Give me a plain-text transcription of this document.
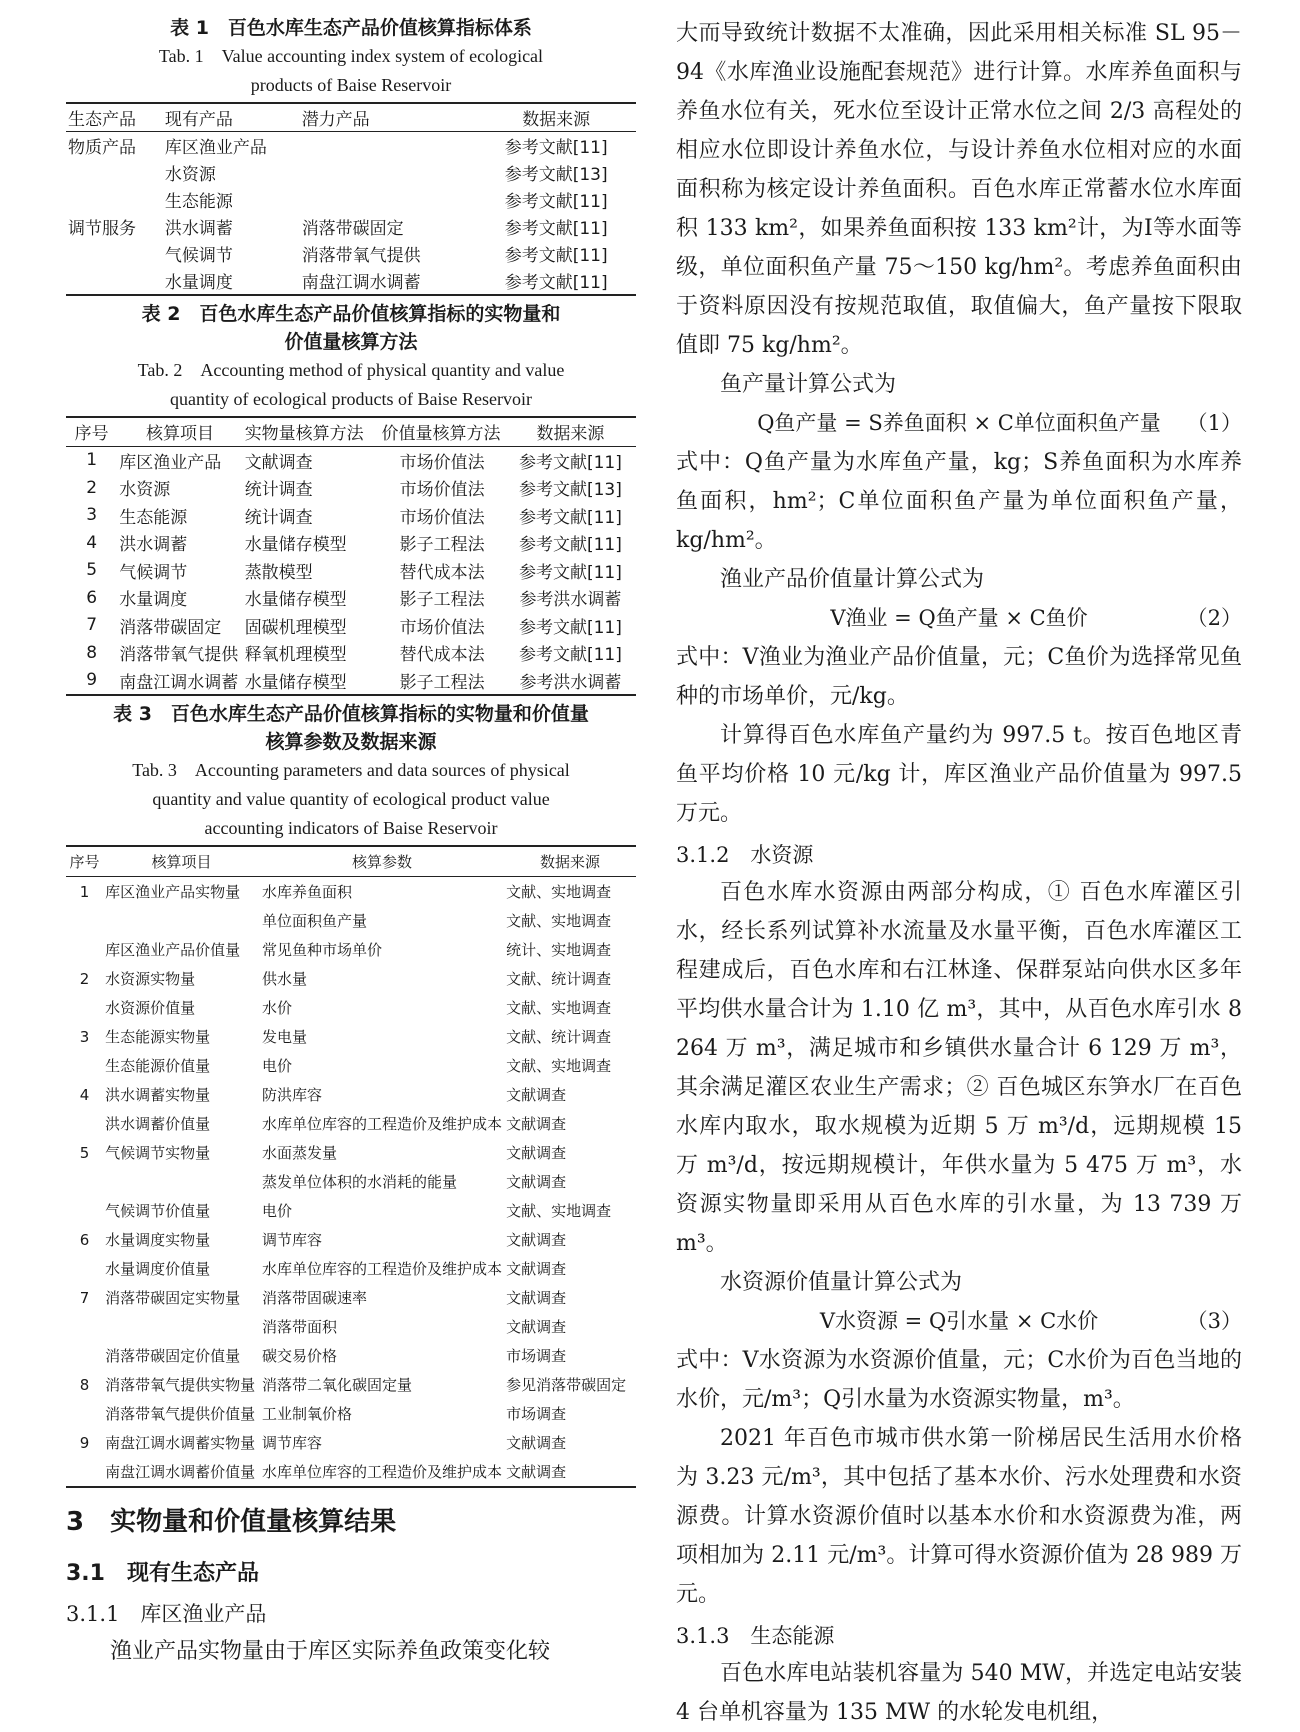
表 1　百色水库生态产品价值核算指标体系
Tab. 1　Value accounting index system of ecological
products of Baise Reservoir
生态产品	现有产品	潜力产品	数据来源
物质产品	库区渔业产品		参考文献[11]
	水资源		参考文献[13]
	生态能源		参考文献[11]
调节服务	洪水调蓄	消落带碳固定	参考文献[11]
	气候调节	消落带氧气提供	参考文献[11]
	水量调度	南盘江调水调蓄	参考文献[11]
表 2　百色水库生态产品价值核算指标的实物量和
价值量核算方法
Tab. 2　Accounting method of physical quantity and value
quantity of ecological products of Baise Reservoir
序号	核算项目	实物量核算方法	价值量核算方法	数据来源
1	库区渔业产品	文献调查	市场价值法	参考文献[11]
2	水资源	统计调查	市场价值法	参考文献[13]
3	生态能源	统计调查	市场价值法	参考文献[11]
4	洪水调蓄	水量储存模型	影子工程法	参考文献[11]
5	气候调节	蒸散模型	替代成本法	参考文献[11]
6	水量调度	水量储存模型	影子工程法	参考洪水调蓄
7	消落带碳固定	固碳机理模型	市场价值法	参考文献[11]
8	消落带氧气提供	释氧机理模型	替代成本法	参考文献[11]
9	南盘江调水调蓄	水量储存模型	影子工程法	参考洪水调蓄
表 3　百色水库生态产品价值核算指标的实物量和价值量
核算参数及数据来源
Tab. 3　Accounting parameters and data sources of physical
quantity and value quantity of ecological product value
accounting indicators of Baise Reservoir
序号	核算项目	核算参数	数据来源
1	库区渔业产品实物量	水库养鱼面积	文献、实地调查
		单位面积鱼产量	文献、实地调查
	库区渔业产品价值量	常见鱼种市场单价	统计、实地调查
2	水资源实物量	供水量	文献、统计调查
	水资源价值量	水价	文献、实地调查
3	生态能源实物量	发电量	文献、统计调查
	生态能源价值量	电价	文献、实地调查
4	洪水调蓄实物量	防洪库容	文献调查
	洪水调蓄价值量	水库单位库容的工程造价及维护成本	文献调查
5	气候调节实物量	水面蒸发量	文献调查
		蒸发单位体积的水消耗的能量	文献调查
	气候调节价值量	电价	文献、实地调查
6	水量调度实物量	调节库容	文献调查
	水量调度价值量	水库单位库容的工程造价及维护成本	文献调查
7	消落带碳固定实物量	消落带固碳速率	文献调查
		消落带面积	文献调查
	消落带碳固定价值量	碳交易价格	市场调查
8	消落带氧气提供实物量	消落带二氧化碳固定量	参见消落带碳固定
	消落带氧气提供价值量	工业制氧价格	市场调查
9	南盘江调水调蓄实物量	调节库容	文献调查
	南盘江调水调蓄价值量	水库单位库容的工程造价及维护成本	文献调查
3　实物量和价值量核算结果
3.1　现有生态产品
3.1.1　库区渔业产品
渔业产品实物量由于库区实际养鱼政策变化较
大而导致统计数据不太准确，因此采用相关标准 SL 95－94《水库渔业设施配套规范》进行计算。水库养鱼面积与养鱼水位有关，死水位至设计正常水位之间 2/3 高程处的相应水位即设计养鱼水位，与设计养鱼水位相对应的水面面积称为核定设计养鱼面积。百色水库正常蓄水位水库面积 133 km²，如果养鱼面积按 133 km²计，为Ⅰ等水面等级，单位面积鱼产量 75～150 kg/hm²。考虑养鱼面积由于资料原因没有按规范取值，取值偏大，鱼产量按下限取值即 75 kg/hm²。
鱼产量计算公式为
Q鱼产量 = S养鱼面积 × C单位面积鱼产量 （1）
式中：Q鱼产量为水库鱼产量，kg；S养鱼面积为水库养鱼面积，hm²；C单位面积鱼产量为单位面积鱼产量，kg/hm²。
渔业产品价值量计算公式为
V渔业 = Q鱼产量 × C鱼价	（2）
式中：V渔业为渔业产品价值量，元；C鱼价为选择常见鱼种的市场单价，元/kg。
计算得百色水库鱼产量约为 997.5 t。按百色地区青鱼平均价格 10 元/kg 计，库区渔业产品价值量为 997.5 万元。
3.1.2　水资源
百色水库水资源由两部分构成，① 百色水库灌区引水，经长系列试算补水流量及水量平衡，百色水库灌区工程建成后，百色水库和右江林逢、保群泵站向供水区多年平均供水量合计为 1.10 亿 m³，其中，从百色水库引水 8 264 万 m³，满足城市和乡镇供水量合计 6 129 万 m³，其余满足灌区农业生产需求；② 百色城区东笋水厂在百色水库内取水，取水规模为近期 5 万 m³/d，远期规模 15 万 m³/d，按远期规模计，年供水量为 5 475 万 m³，水资源实物量即采用从百色水库的引水量，为 13 739 万 m³。
水资源价值量计算公式为
V水资源 = Q引水量 × C水价	（3）
式中：V水资源为水资源价值量，元；C水价为百色当地的水价，元/m³；Q引水量为水资源实物量，m³。
2021 年百色市城市供水第一阶梯居民生活用水价格为 3.23 元/m³，其中包括了基本水价、污水处理费和水资源费。计算水资源价值时以基本水价和水资源费为准，两项相加为 2.11 元/m³。计算可得水资源价值为 28 989 万元。
3.1.3　生态能源
百色水库电站装机容量为 540 MW，并选定电站安装 4 台单机容量为 135 MW 的水轮发电机组，
